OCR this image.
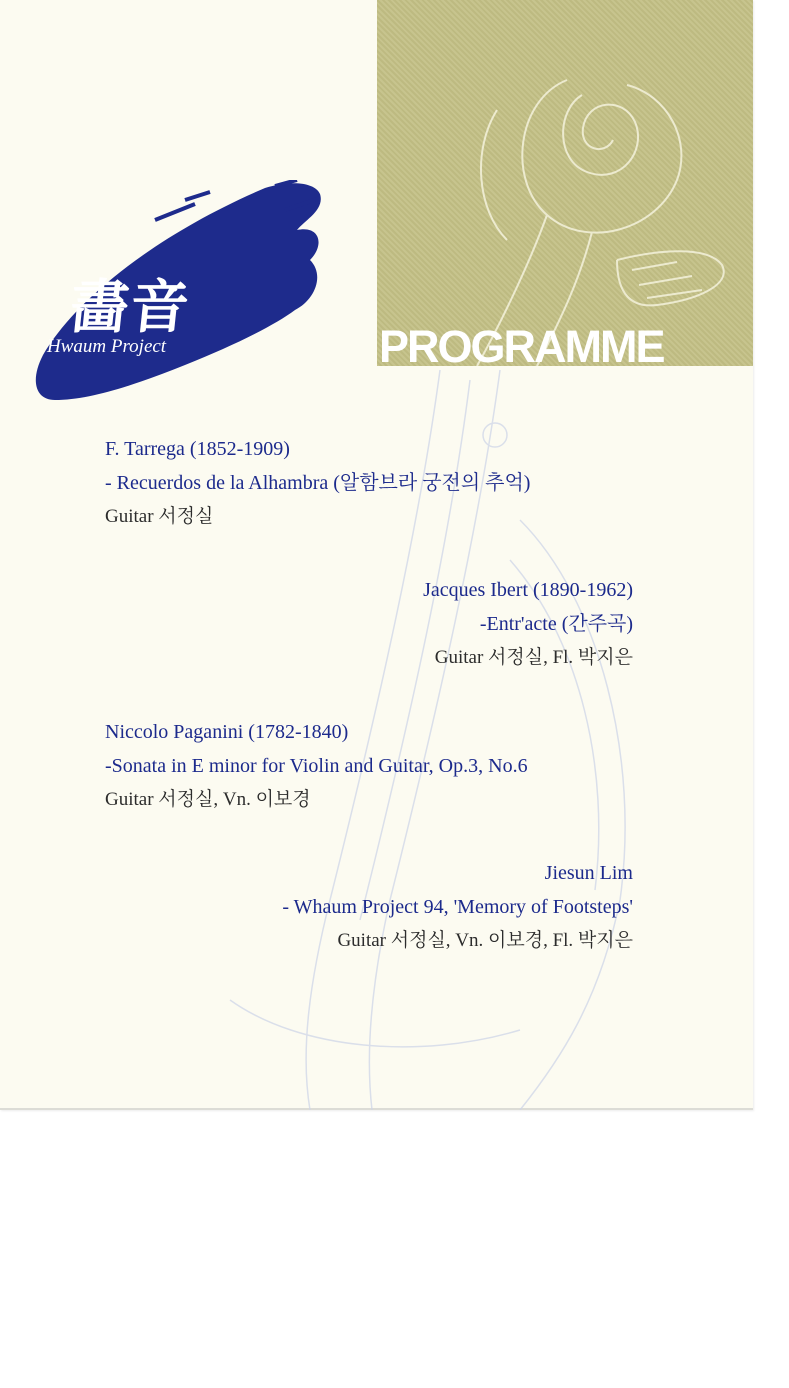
PROGRAMME
畵音
Hwaum Project
F. Tarrega (1852-1909)
- Recuerdos de la Alhambra (알함브라 궁전의 추억)
Guitar 서정실
Jacques Ibert (1890-1962)
-Entr'acte (간주곡)
Guitar 서정실, Fl. 박지은
Niccolo Paganini (1782-1840)
-Sonata in E minor for Violin and Guitar, Op.3, No.6
Guitar 서정실, Vn. 이보경
Jiesun Lim
- Whaum Project 94, 'Memory of Footsteps'
Guitar 서정실, Vn. 이보경, Fl. 박지은
